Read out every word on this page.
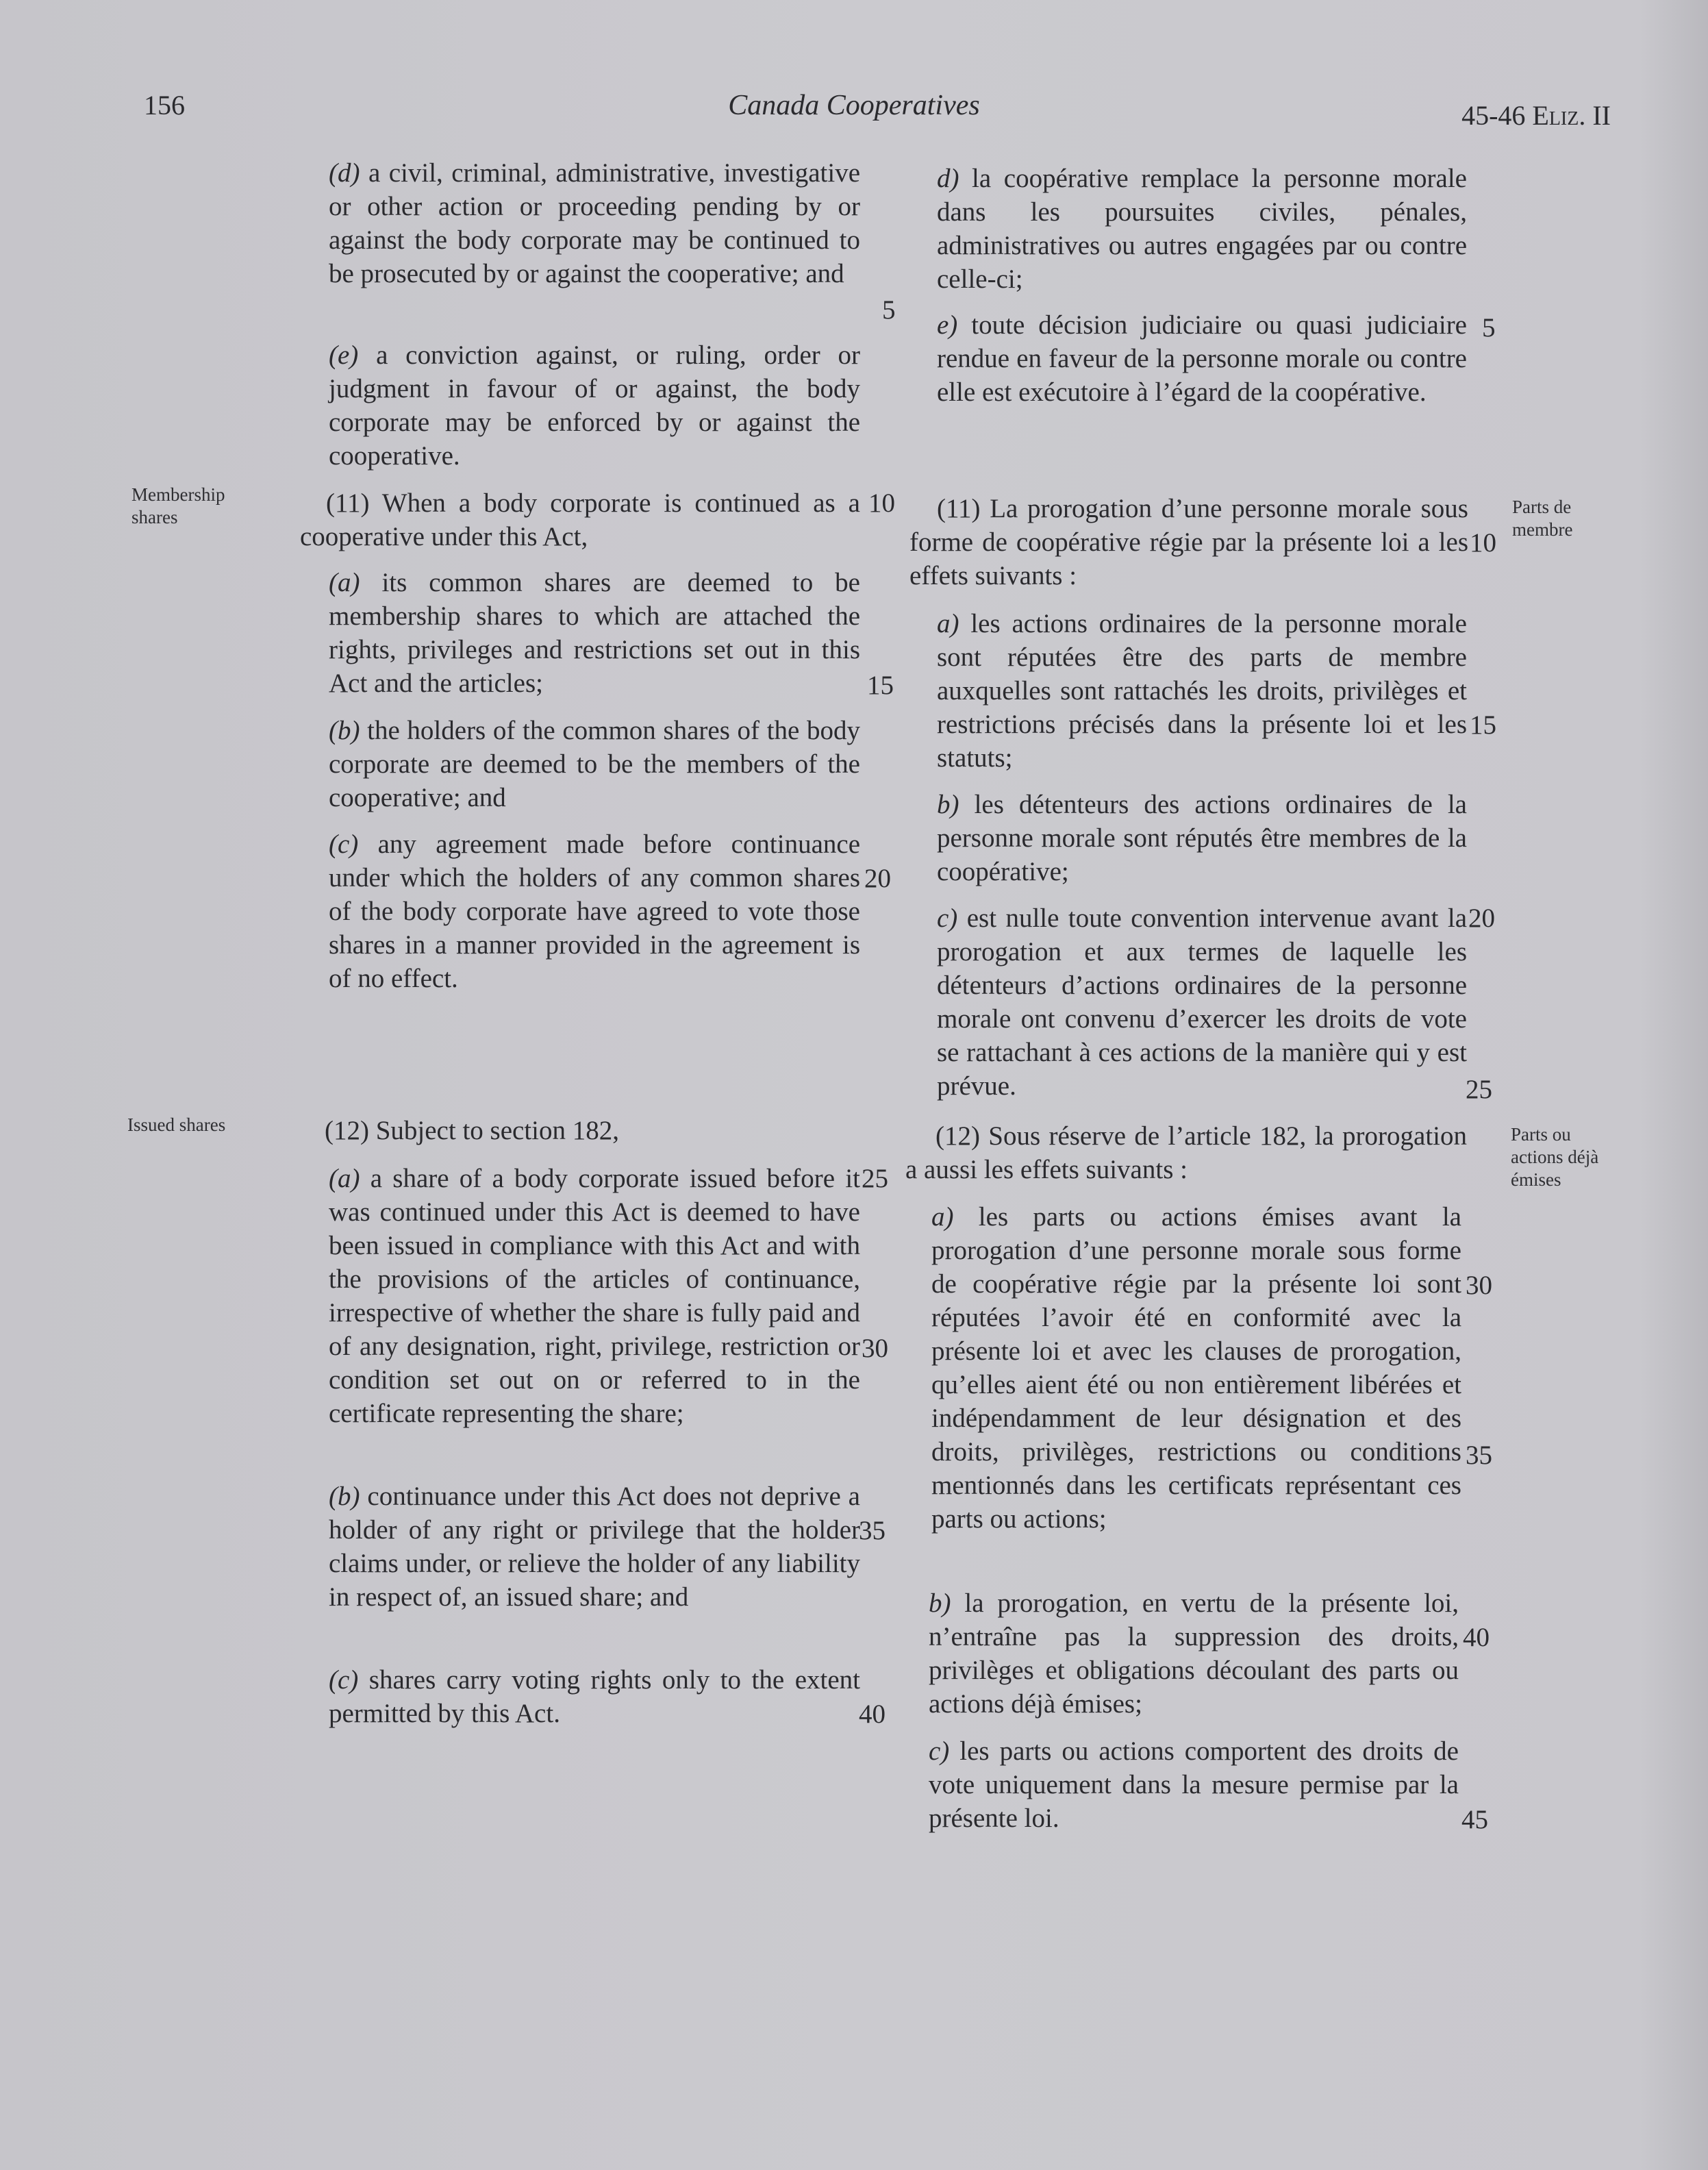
156	Canada Cooperatives	45-46 Eliz. II

(d) a civil, criminal, administrative, investigative or other action or proceeding pending by or against the body corporate may be continued to be prosecuted by or against the cooperative; and

(e) a conviction against, or ruling, order or judgment in favour of or against, the body corporate may be enforced by or against the cooperative.

(11) When a body corporate is continued as a cooperative under this Act,

(a) its common shares are deemed to be membership shares to which are attached the rights, privileges and restrictions set out in this Act and the articles;

(b) the holders of the common shares of the body corporate are deemed to be the members of the cooperative; and

(c) any agreement made before continuance under which the holders of any common shares of the body corporate have agreed to vote those shares in a manner provided in the agreement is of no effect.

(12) Subject to section 182,

(a) a share of a body corporate issued before it was continued under this Act is deemed to have been issued in compliance with this Act and with the provisions of the articles of continuance, irrespective of whether the share is fully paid and of any designation, right, privilege, restriction or condition set out on or referred to in the certificate representing the share;

(b) continuance under this Act does not deprive a holder of any right or privilege that the holder claims under, or relieve the holder of any liability in respect of, an issued share; and

(c) shares carry voting rights only to the extent permitted by this Act.

5
10
15
20
25
30
35
40

d) la coopérative remplace la personne morale dans les poursuites civiles, pénales, administratives ou autres engagées par ou contre celle-ci;

e) toute décision judiciaire ou quasi judiciaire rendue en faveur de la personne morale ou contre elle est exécutoire à l’égard de la coopérative.

(11) La prorogation d’une personne morale sous forme de coopérative régie par la présente loi a les effets suivants :

a) les actions ordinaires de la personne morale sont réputées être des parts de membre auxquelles sont rattachés les droits, privilèges et restrictions précisés dans la présente loi et les statuts;

b) les détenteurs des actions ordinaires de la personne morale sont réputés être membres de la coopérative;

c) est nulle toute convention intervenue avant la prorogation et aux termes de laquelle les détenteurs d’actions ordinaires de la personne morale ont convenu d’exercer les droits de vote se rattachant à ces actions de la manière qui y est prévue.

(12) Sous réserve de l’article 182, la prorogation a aussi les effets suivants :

a) les parts ou actions émises avant la prorogation d’une personne morale sous forme de coopérative régie par la présente loi sont réputées l’avoir été en conformité avec la présente loi et avec les clauses de prorogation, qu’elles aient été ou non entièrement libérées et indépendamment de leur désignation et des droits, privilèges, restrictions ou conditions mentionnés dans les certificats représentant ces parts ou actions;

b) la prorogation, en vertu de la présente loi, n’entraîne pas la suppression des droits, privilèges et obligations découlant des parts ou actions déjà émises;

c) les parts ou actions comportent des droits de vote uniquement dans la mesure permise par la présente loi.

5
10
15
20
25
30
35
40
45
Membership shares
Issued shares
Parts de membre
Parts ou actions déjà émises
